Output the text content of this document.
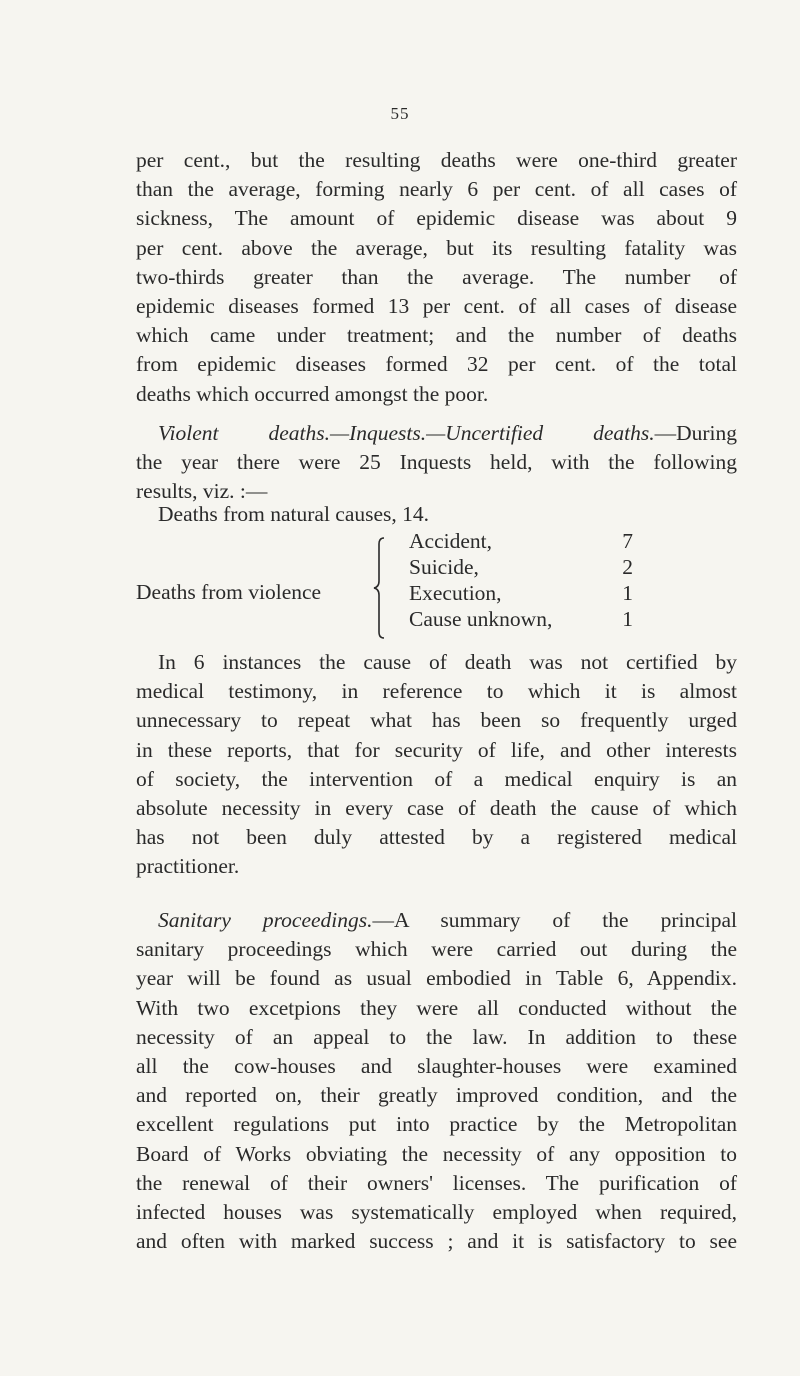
55

per cent., but the resulting deaths were one-third greater
than the average, forming nearly 6 per cent. of all cases of
sickness, The amount of epidemic disease was about 9
per cent. above the average, but its resulting fatality was
two-thirds greater than the average. The number of
epidemic diseases formed 13 per cent. of all cases of disease
which came under treatment; and the number of deaths
from epidemic diseases formed 32 per cent. of the total
deaths which occurred amongst the poor.

Violent deaths.—Inquests.—Uncertified deaths.—During
the year there were 25 Inquests held, with the following
results, viz. :—

Deaths from natural causes, 14.
Deaths from violence
Accident,	7
Suicide,	2
Execution,	1
Cause unknown,	1

In 6 instances the cause of death was not certified by
medical testimony, in reference to which it is almost
unnecessary to repeat what has been so frequently urged
in these reports, that for security of life, and other interests
of society, the intervention of a medical enquiry is an
absolute necessity in every case of death the cause of which
has not been duly attested by a registered medical
practitioner.

Sanitary proceedings.—A summary of the principal
sanitary proceedings which were carried out during the
year will be found as usual embodied in Table 6, Appendix.
With two excetpions they were all conducted without the
necessity of an appeal to the law. In addition to these
all the cow-houses and slaughter-houses were examined
and reported on, their greatly improved condition, and the
excellent regulations put into practice by the Metropolitan
Board of Works obviating the necessity of any opposition to
the renewal of their owners' licenses. The purification of
infected houses was systematically employed when required,
and often with marked success ; and it is satisfactory to see
